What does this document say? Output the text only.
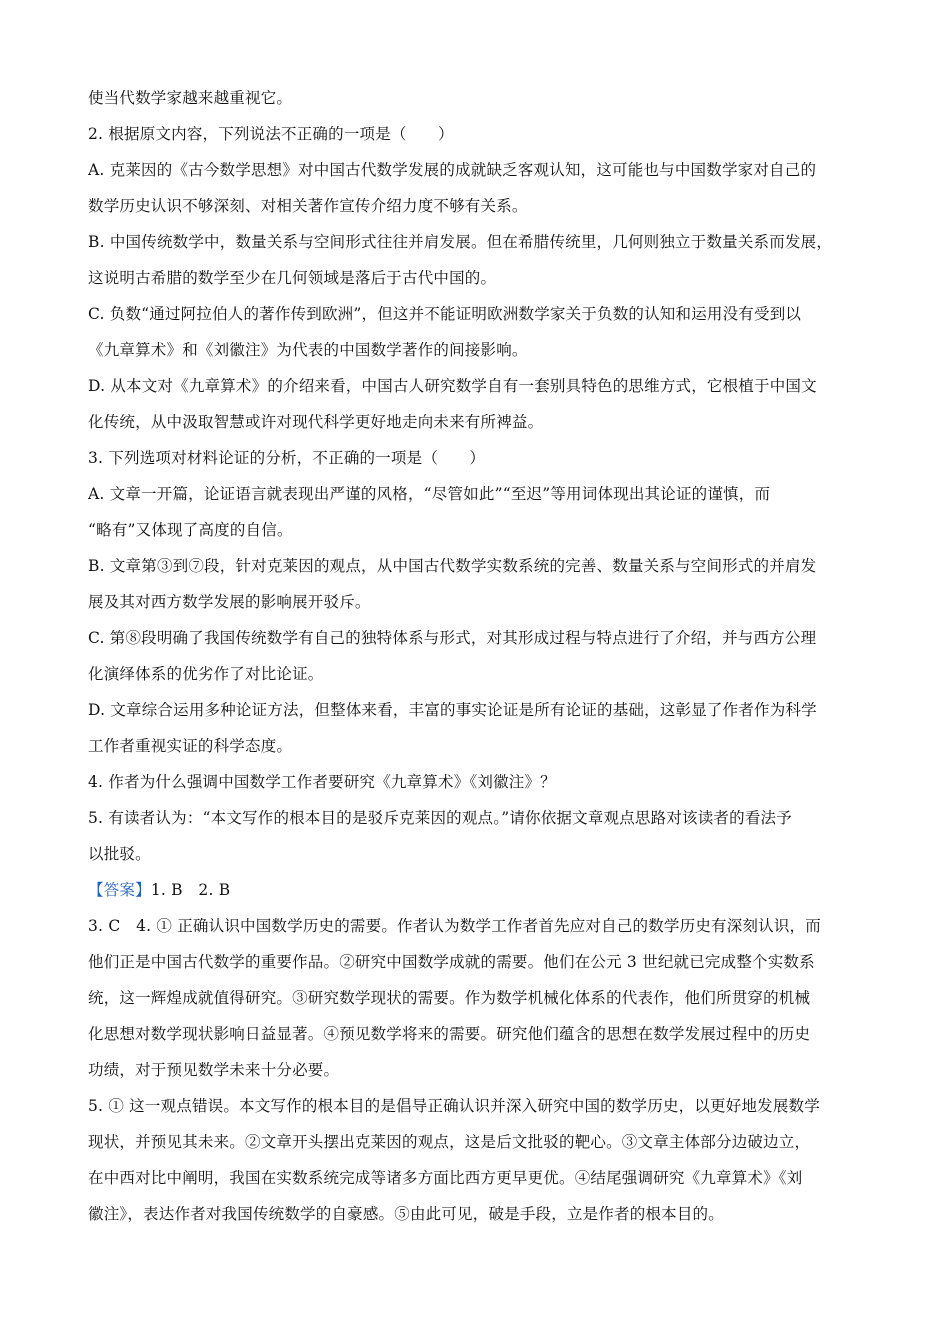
使当代数学家越来越重视它。
2. 根据原文内容，下列说法不正确的一项是（　　）
A. 克莱因的《古今数学思想》对中国古代数学发展的成就缺乏客观认知，这可能也与中国数学家对自己的
数学历史认识不够深刻、对相关著作宣传介绍力度不够有关系。
B. 中国传统数学中，数量关系与空间形式往往并肩发展。但在希腊传统里，几何则独立于数量关系而发展，
这说明古希腊的数学至少在几何领域是落后于古代中国的。
C. 负数“通过阿拉伯人的著作传到欧洲”，但这并不能证明欧洲数学家关于负数的认知和运用没有受到以
《九章算术》和《刘徽注》为代表的中国数学著作的间接影响。
D. 从本文对《九章算术》的介绍来看，中国古人研究数学自有一套别具特色的思维方式，它根植于中国文
化传统，从中汲取智慧或许对现代科学更好地走向未来有所裨益。
3. 下列选项对材料论证的分析，不正确的一项是（　　）
A. 文章一开篇，论证语言就表现出严谨的风格，“尽管如此”“至迟”等用词体现出其论证的谨慎，而
“略有”又体现了高度的自信。
B. 文章第③到⑦段，针对克莱因的观点，从中国古代数学实数系统的完善、数量关系与空间形式的并肩发
展及其对西方数学发展的影响展开驳斥。
C. 第⑧段明确了我国传统数学有自己的独特体系与形式，对其形成过程与特点进行了介绍，并与西方公理
化演绎体系的优劣作了对比论证。
D. 文章综合运用多种论证方法，但整体来看，丰富的事实论证是所有论证的基础，这彰显了作者作为科学
工作者重视实证的科学态度。
4. 作者为什么强调中国数学工作者要研究《九章算术》《刘徽注》？
5. 有读者认为：“本文写作的根本目的是驳斥克莱因的观点。”请你依据文章观点思路对该读者的看法予
以批驳。
【答案】1. B　2. B
3. C　4. ① 正确认识中国数学历史的需要。作者认为数学工作者首先应对自己的数学历史有深刻认识，而
他们正是中国古代数学的重要作品。②研究中国数学成就的需要。他们在公元 3 世纪就已完成整个实数系
统，这一辉煌成就值得研究。③研究数学现状的需要。作为数学机械化体系的代表作，他们所贯穿的机械
化思想对数学现状影响日益显著。④预见数学将来的需要。研究他们蕴含的思想在数学发展过程中的历史
功绩，对于预见数学未来十分必要。
5. ① 这一观点错误。本文写作的根本目的是倡导正确认识并深入研究中国的数学历史，以更好地发展数学
现状，并预见其未来。②文章开头摆出克莱因的观点，这是后文批驳的靶心。③文章主体部分边破边立，
在中西对比中阐明，我国在实数系统完成等诸多方面比西方更早更优。④结尾强调研究《九章算术》《刘
徽注》，表达作者对我国传统数学的自豪感。⑤由此可见，破是手段，立是作者的根本目的。
